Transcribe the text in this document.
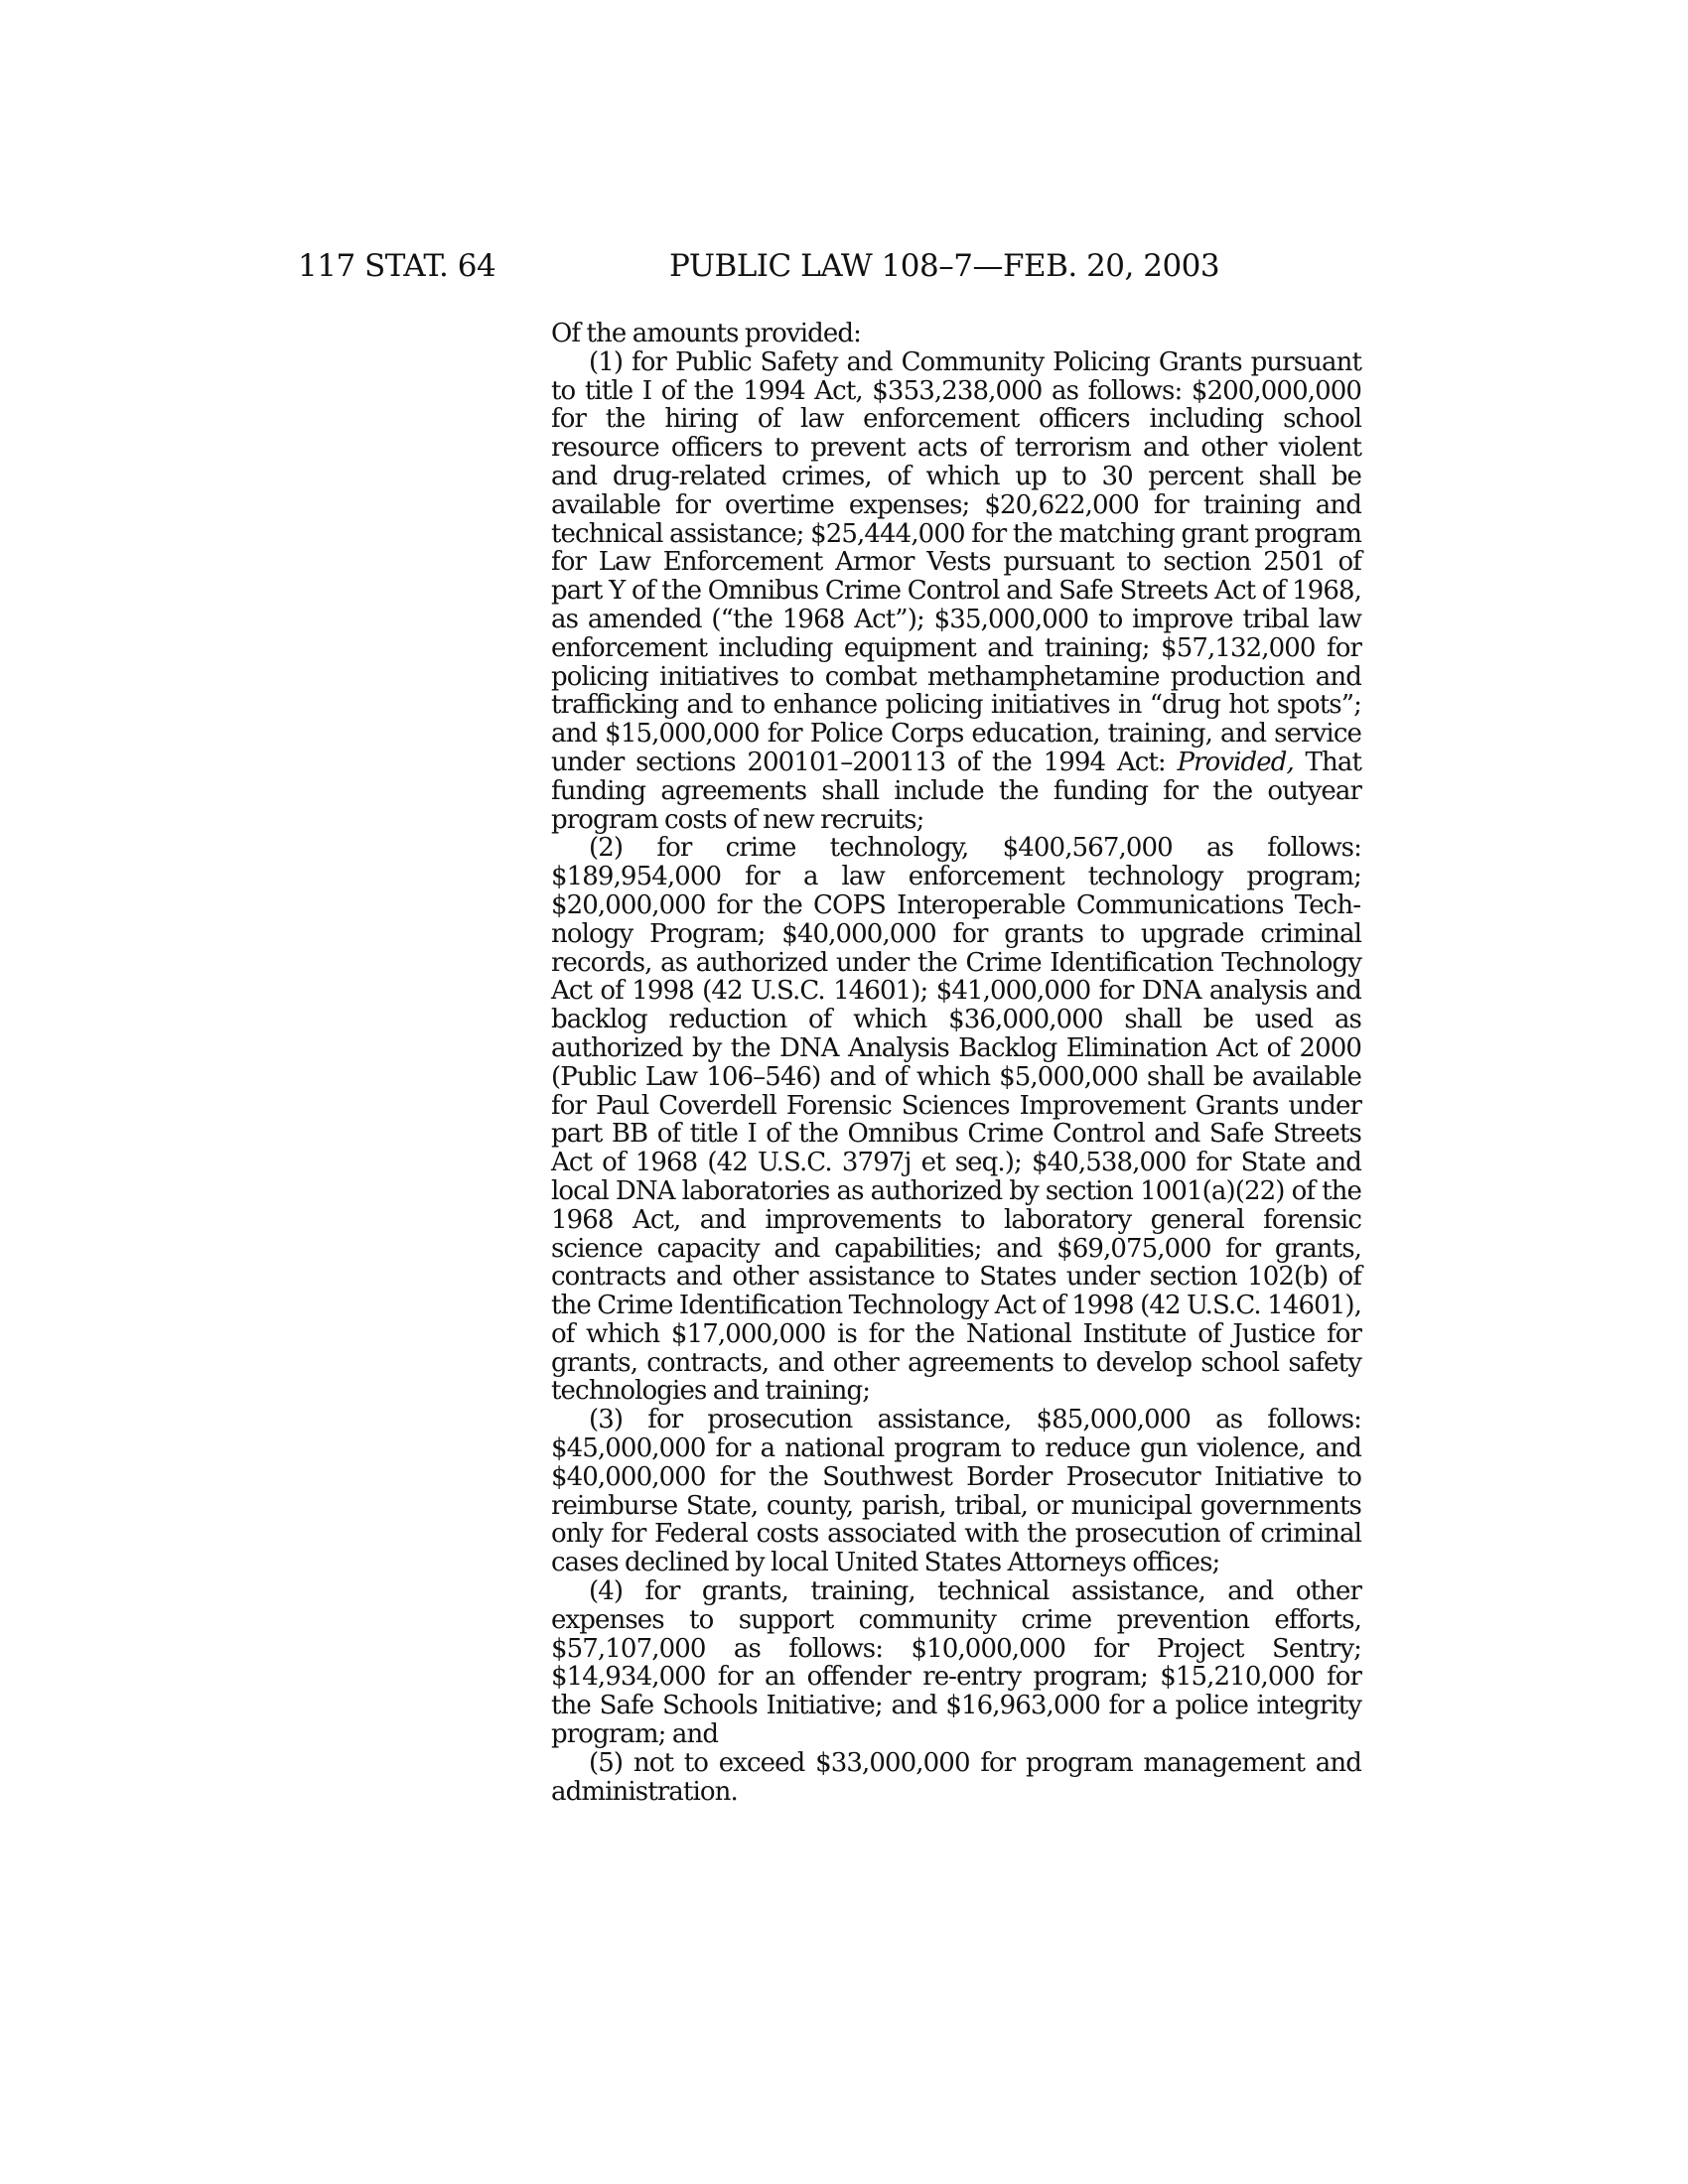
117 STAT. 64	PUBLIC LAW 108–7—FEB. 20, 2003

Of the amounts provided:

(1) for Public Safety and Community Policing Grants pursuant to title I of the 1994 Act, $353,238,000 as follows: $200,000,000 for the hiring of law enforcement officers including school resource officers to prevent acts of terrorism and other violent and drug-related crimes, of which up to 30 percent shall be available for overtime expenses; $20,622,000 for training and technical assistance; $25,444,000 for the matching grant program for Law Enforcement Armor Vests pursuant to section 2501 of part Y of the Omnibus Crime Control and Safe Streets Act of 1968, as amended (“the 1968 Act”); $35,000,000 to improve tribal law enforcement including equipment and training; $57,132,000 for policing initiatives to combat methamphetamine production and trafficking and to enhance policing initiatives in “drug hot spots”; and $15,000,000 for Police Corps education, training, and service under sections 200101–200113 of the 1994 Act: Provided, That funding agreements shall include the funding for the outyear program costs of new recruits;

(2) for crime technology, $400,567,000 as follows: $189,954,000 for a law enforcement technology program; $20,000,000 for the COPS Interoperable Communications Technology Program; $40,000,000 for grants to upgrade criminal records, as authorized under the Crime Identification Technology Act of 1998 (42 U.S.C. 14601); $41,000,000 for DNA analysis and backlog reduction of which $36,000,000 shall be used as authorized by the DNA Analysis Backlog Elimination Act of 2000 (Public Law 106–546) and of which $5,000,000 shall be available for Paul Coverdell Forensic Sciences Improvement Grants under part BB of title I of the Omnibus Crime Control and Safe Streets Act of 1968 (42 U.S.C. 3797j et seq.); $40,538,000 for State and local DNA laboratories as authorized by section 1001(a)(22) of the 1968 Act, and improvements to laboratory general forensic science capacity and capabilities; and $69,075,000 for grants, contracts and other assistance to States under section 102(b) of the Crime Identification Technology Act of 1998 (42 U.S.C. 14601), of which $17,000,000 is for the National Institute of Justice for grants, contracts, and other agreements to develop school safety technologies and training;

(3) for prosecution assistance, $85,000,000 as follows: $45,000,000 for a national program to reduce gun violence, and $40,000,000 for the Southwest Border Prosecutor Initiative to reimburse State, county, parish, tribal, or municipal governments only for Federal costs associated with the prosecution of criminal cases declined by local United States Attorneys offices;

(4) for grants, training, technical assistance, and other expenses to support community crime prevention efforts, $57,107,000 as follows: $10,000,000 for Project Sentry; $14,934,000 for an offender re-entry program; $15,210,000 for the Safe Schools Initiative; and $16,963,000 for a police integrity program; and

(5) not to exceed $33,000,000 for program management and administration.
